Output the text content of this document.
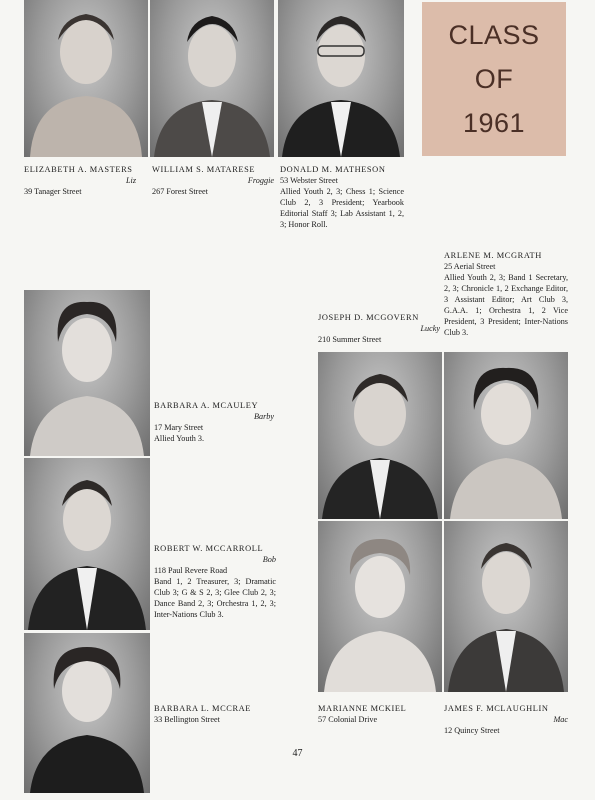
CLASS
OF
1961
ELIZABETH A. MASTERS
Liz
39 Tanager Street
WILLIAM S. MATARESE
Froggie
267 Forest Street
DONALD M. MATHESON
53 Webster Street
Allied Youth 2, 3; Chess 1; Science Club 2, 3 President; Yearbook Editorial Staff 3; Lab Assistant 1, 2, 3; Honor Roll.
ARLENE M. MCGRATH
25 Aerial Street
Allied Youth 2, 3; Band 1 Secretary, 2, 3; Chronicle 1, 2 Exchange Editor, 3 Assistant Editor; Art Club 3, G.A.A. 1; Orchestra 1, 2 Vice President, 3 President; Inter-Nations Club 3.
JOSEPH D. MCGOVERN
Lucky
210 Summer Street
BARBARA A. MCAULEY
Barby
17 Mary Street
Allied Youth 3.
ROBERT W. MCCARROLL
Bob
118 Paul Revere Road
Band 1, 2 Treasurer, 3; Dramatic Club 3; G & S 2, 3; Glee Club 2, 3; Dance Band 2, 3; Orchestra 1, 2, 3; Inter-Nations Club 3.
BARBARA L. MCCRAE
33 Bellington Street
MARIANNE MCKIEL
57 Colonial Drive
JAMES F. MCLAUGHLIN
Mac
12 Quincy Street
47
